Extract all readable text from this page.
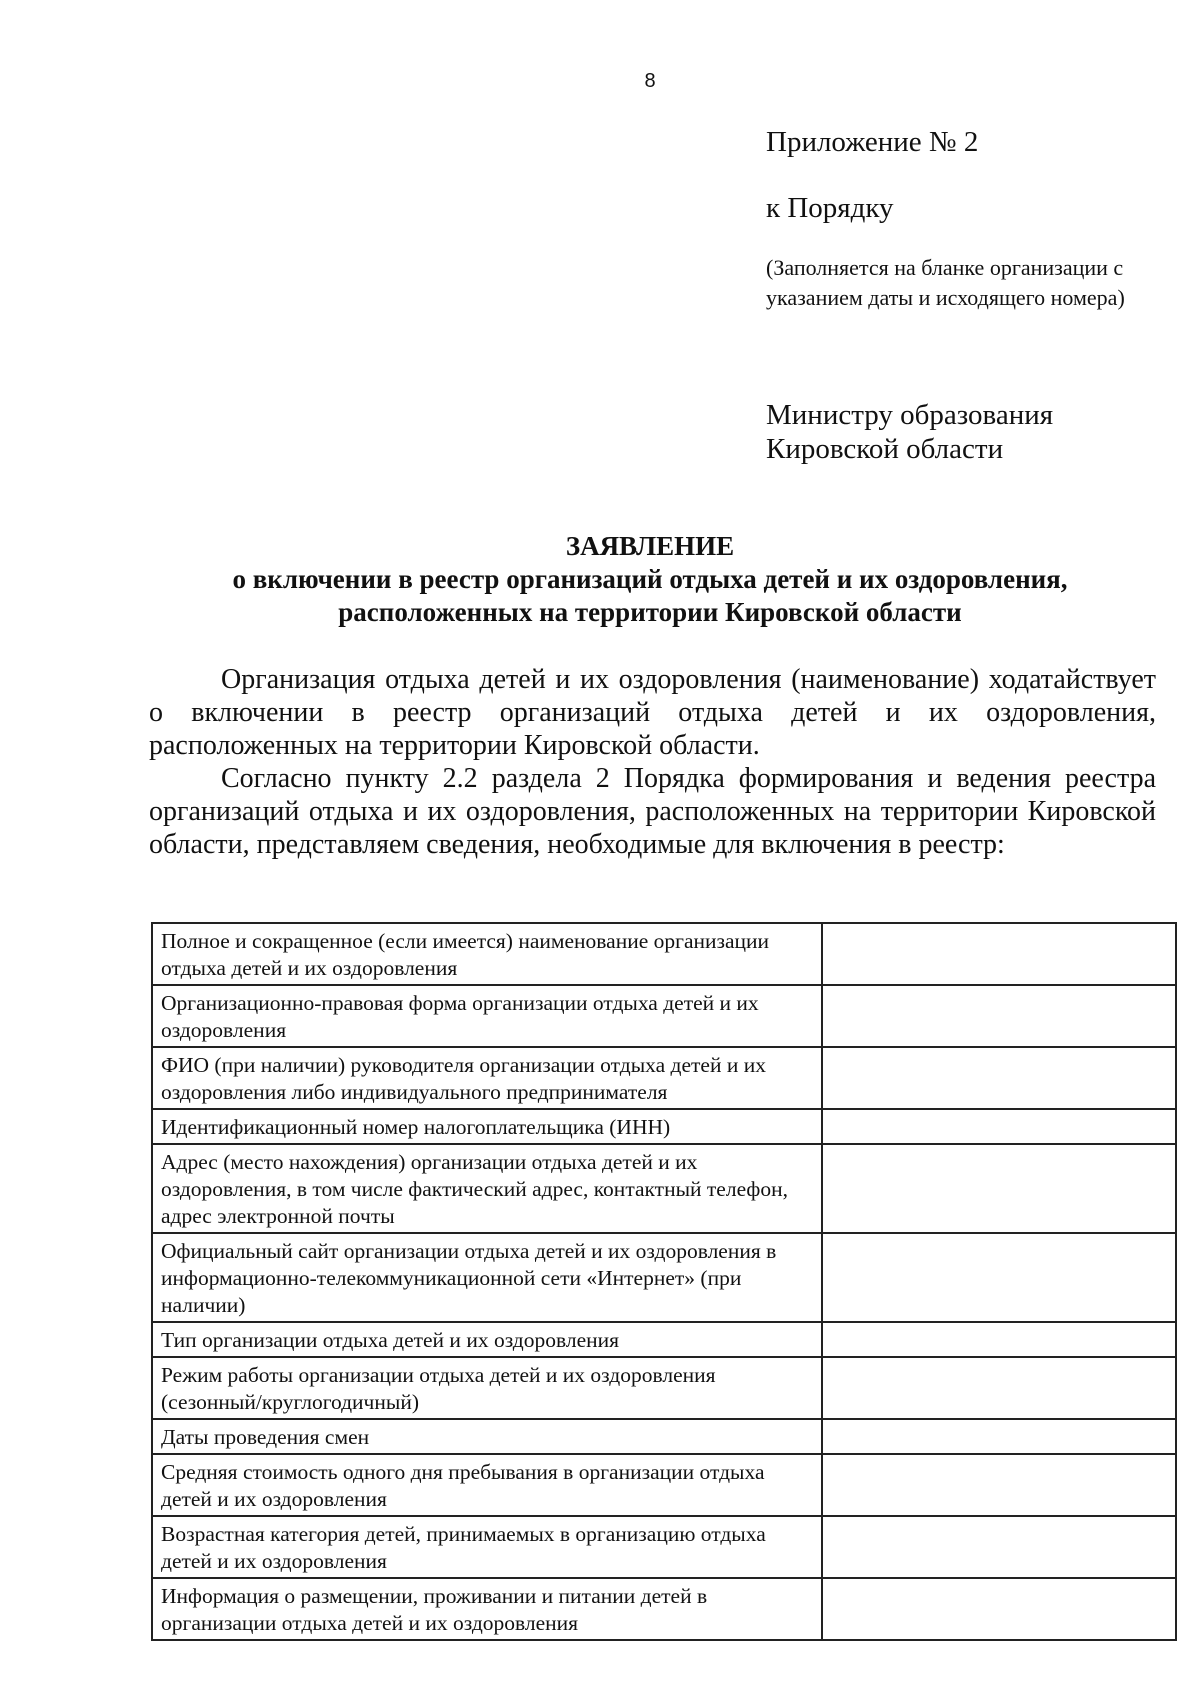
8
Приложение № 2
к Порядку
(Заполняется на бланке организации с указанием даты и исходящего номера)
Министру образования Кировской области
ЗАЯВЛЕНИЕ
о включении в реестр организаций отдыха детей и их оздоровления, расположенных на территории Кировской области

Организация отдыха детей и их оздоровления (наименование) ходатайствует о включении в реестр организаций отдыха детей и их оздоровления, расположенных на территории Кировской области.

Согласно пункту 2.2 раздела 2 Порядка формирования и ведения реестра организаций отдыха и их оздоровления, расположенных на территории Кировской области, представляем сведения, необходимые для включения в реестр:

Полное и сокращенное (если имеется) наименование организации отдыха детей и их оздоровления	
Организационно-правовая форма организации отдыха детей и их оздоровления	
ФИО (при наличии) руководителя организации отдыха детей и их оздоровления либо индивидуального предпринимателя	
Идентификационный номер налогоплательщика (ИНН)	
Адрес (место нахождения) организации отдыха детей и их оздоровления, в том числе фактический адрес, контактный телефон, адрес электронной почты	
Официальный сайт организации отдыха детей и их оздоровления в информационно-телекоммуникационной сети «Интернет» (при наличии)	
Тип организации отдыха детей и их оздоровления	
Режим работы организации отдыха детей и их оздоровления (сезонный/круглогодичный)	
Даты проведения смен	
Средняя стоимость одного дня пребывания в организации отдыха детей и их оздоровления	
Возрастная категория детей, принимаемых в организацию отдыха детей и их оздоровления	
Информация о размещении, проживании и питании детей в организации отдыха детей и их оздоровления	
